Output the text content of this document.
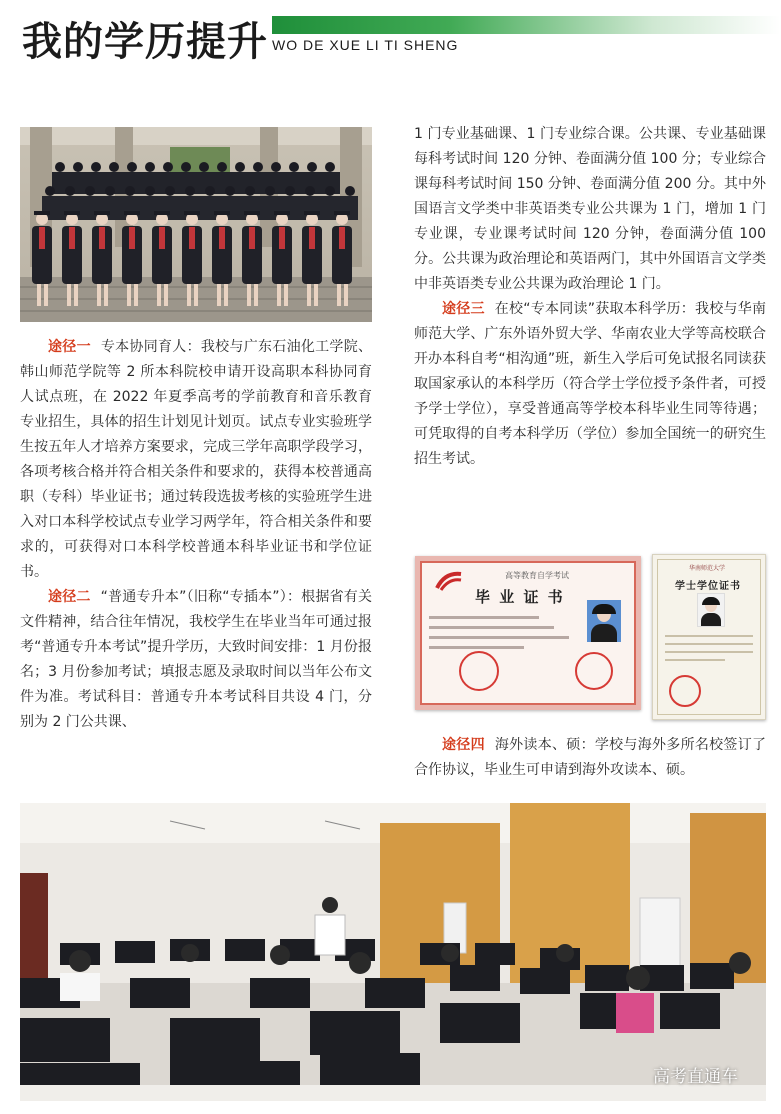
我的学历提升 WO DE XUE LI TI SHENG

途径一 专本协同育人：我校与广东石油化工学院、韩山师范学院等 2 所本科院校申请开设高职本科协同育人试点班，在 2022 年夏季高考的学前教育和音乐教育专业招生，具体的招生计划见计划页。试点专业实验班学生按五年人才培养方案要求，完成三学年高职学段学习，各项考核合格并符合相关条件和要求的，获得本校普通高职（专科）毕业证书；通过转段选拔考核的实验班学生进入对口本科学校试点专业学习两学年，符合相关条件和要求的，可获得对口本科学校普通本科毕业证书和学位证书。

途径二 “普通专升本”（旧称“专插本”）：根据省有关文件精神，结合往年情况，我校学生在毕业当年可通过报考“普通专升本考试”提升学历，大致时间安排：1 月份报名；3 月份参加考试；填报志愿及录取时间以当年公布文件为准。考试科目：普通专升本考试科目共设 4 门，分别为 2 门公共课、

1 门专业基础课、1 门专业综合课。公共课、专业基础课每科考试时间 120 分钟、卷面满分值 100 分；专业综合课每科考试时间 150 分钟、卷面满分值 200 分。其中外国语言文学类中非英语类专业公共课为 1 门，增加 1 门专业课，专业课考试时间 120 分钟，卷面满分值 100 分。公共课为政治理论和英语两门，其中外国语言文学类中非英语类专业公共课为政治理论 1 门。

途径三 在校“专本同读”获取本科学历：我校与华南师范大学、广东外语外贸大学、华南农业大学等高校联合开办本科自考“相沟通”班，新生入学后可免试报名同读获取国家承认的本科学历（符合学士学位授予条件者，可授予学士学位），享受普通高等学校本科毕业生同等待遇；可凭取得的自考本科学历（学位）参加全国统一的研究生招生考试。

高等教育自学考试
毕 业 证 书
华南师范大学
学士学位证书

途径四 海外读本、硕：学校与海外多所名校签订了合作协议，毕业生可申请到海外攻读本、硕。

高考直通车
